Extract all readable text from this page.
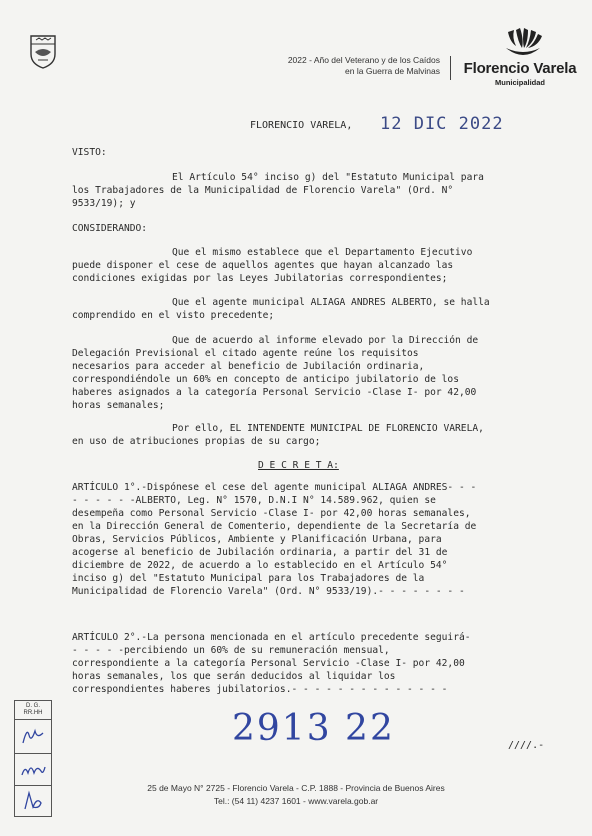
2022 - Año del Veterano y de los Caídos
en la Guerra de Malvinas Florencio Varela
Municipalidad
FLORENCIO VARELA, 12 DIC 2022
VISTO:
El Artículo 54° inciso g) del "Estatuto Municipal para
los Trabajadores de la Municipalidad de Florencio Varela" (Ord. N°
9533/19); y
CONSIDERANDO:
Que el mismo establece que el Departamento Ejecutivo
puede disponer el cese de aquellos agentes que hayan alcanzado las
condiciones exigidas por las Leyes Jubilatorias correspondientes;
Que el agente municipal ALIAGA ANDRES ALBERTO, se halla
comprendido en el visto precedente;
Que de acuerdo al informe elevado por la Dirección de
Delegación Previsional el citado agente reúne los requisitos
necesarios para acceder al beneficio de Jubilación ordinaria,
correspondiéndole un 60% en concepto de anticipo jubilatorio de los
haberes asignados a la categoría Personal Servicio -Clase I- por 42,00
horas semanales;
Por ello, EL INTENDENTE MUNICIPAL DE FLORENCIO VARELA,
en uso de atribuciones propias de su cargo;
D E C R E T A:
ARTÍCULO 1°.-Dispónese el cese del agente municipal ALIAGA ANDRES- - -
- - - - - -ALBERTO, Leg. N° 1570, D.N.I N° 14.589.962, quien se
desempeña como Personal Servicio -Clase I- por 42,00 horas semanales,
en la Dirección General de Comenterio, dependiente de la Secretaría de
Obras, Servicios Públicos, Ambiente y Planificación Urbana, para
acogerse al beneficio de Jubilación ordinaria, a partir del 31 de
diciembre de 2022, de acuerdo a lo establecido en el Artículo 54°
inciso g) del "Estatuto Municipal para los Trabajadores de la
Municipalidad de Florencio Varela" (Ord. N° 9533/19).- - - - - - - -
ARTÍCULO 2°.-La persona mencionada en el artículo precedente seguirá-
- - - - -percibiendo un 60% de su remuneración mensual,
correspondiente a la categoría Personal Servicio -Clase I- por 42,00
horas semanales, los que serán deducidos al liquidar los
correspondientes haberes jubilatorios.- - - - - - - - - - - - - -
D. G.
RR.HH	2913 22	////.-
25 de Mayo N° 2725 - Florencio Varela - C.P. 1888 - Provincia de Buenos Aires
Tel.: (54 11) 4237 1601 - www.varela.gob.ar
